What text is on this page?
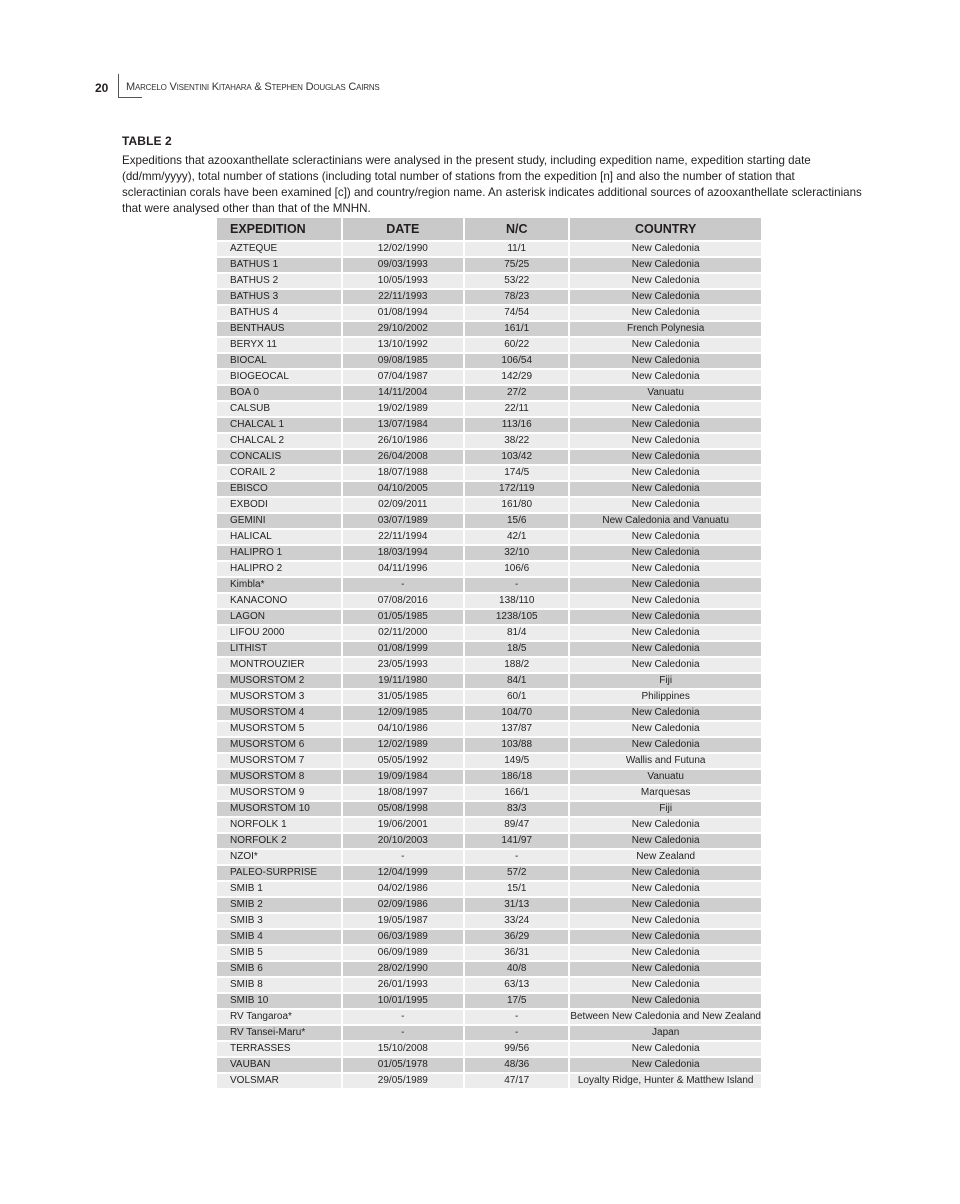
20	Marcelo Visentini Kitahara & Stephen Douglas Cairns
TABLE 2
Expeditions that azooxanthellate scleractinians were analysed in the present study, including expedition name, expedition starting date (dd/mm/yyyy), total number of stations (including total number of stations from the expedition [n] and also the number of station that scleractinian corals have been examined [c]) and country/region name. An asterisk indicates additional sources of azooxanthellate scleractinians that were analysed other than that of the MNHN.
EXPEDITION	DATE	N/C	COUNTRY
AZTEQUE	12/02/1990	11/1	New Caledonia
BATHUS 1	09/03/1993	75/25	New Caledonia
BATHUS 2	10/05/1993	53/22	New Caledonia
BATHUS 3	22/11/1993	78/23	New Caledonia
BATHUS 4	01/08/1994	74/54	New Caledonia
BENTHAUS	29/10/2002	161/1	French Polynesia
BERYX 11	13/10/1992	60/22	New Caledonia
BIOCAL	09/08/1985	106/54	New Caledonia
BIOGEOCAL	07/04/1987	142/29	New Caledonia
BOA 0	14/11/2004	27/2	Vanuatu
CALSUB	19/02/1989	22/11	New Caledonia
CHALCAL 1	13/07/1984	113/16	New Caledonia
CHALCAL 2	26/10/1986	38/22	New Caledonia
CONCALIS	26/04/2008	103/42	New Caledonia
CORAIL 2	18/07/1988	174/5	New Caledonia
EBISCO	04/10/2005	172/119	New Caledonia
EXBODI	02/09/2011	161/80	New Caledonia
GEMINI	03/07/1989	15/6	New Caledonia and Vanuatu
HALICAL	22/11/1994	42/1	New Caledonia
HALIPRO 1	18/03/1994	32/10	New Caledonia
HALIPRO 2	04/11/1996	106/6	New Caledonia
Kimbla*	-	-	New Caledonia
KANACONO	07/08/2016	138/110	New Caledonia
LAGON	01/05/1985	1238/105	New Caledonia
LIFOU 2000	02/11/2000	81/4	New Caledonia
LITHIST	01/08/1999	18/5	New Caledonia
MONTROUZIER	23/05/1993	188/2	New Caledonia
MUSORSTOM 2	19/11/1980	84/1	Fiji
MUSORSTOM 3	31/05/1985	60/1	Philippines
MUSORSTOM 4	12/09/1985	104/70	New Caledonia
MUSORSTOM 5	04/10/1986	137/87	New Caledonia
MUSORSTOM 6	12/02/1989	103/88	New Caledonia
MUSORSTOM 7	05/05/1992	149/5	Wallis and Futuna
MUSORSTOM 8	19/09/1984	186/18	Vanuatu
MUSORSTOM 9	18/08/1997	166/1	Marquesas
MUSORSTOM 10	05/08/1998	83/3	Fiji
NORFOLK 1	19/06/2001	89/47	New Caledonia
NORFOLK 2	20/10/2003	141/97	New Caledonia
NZOI*	-	-	New Zealand
PALEO-SURPRISE	12/04/1999	57/2	New Caledonia
SMIB 1	04/02/1986	15/1	New Caledonia
SMIB 2	02/09/1986	31/13	New Caledonia
SMIB 3	19/05/1987	33/24	New Caledonia
SMIB 4	06/03/1989	36/29	New Caledonia
SMIB 5	06/09/1989	36/31	New Caledonia
SMIB 6	28/02/1990	40/8	New Caledonia
SMIB 8	26/01/1993	63/13	New Caledonia
SMIB 10	10/01/1995	17/5	New Caledonia
RV Tangaroa*	-	-	Between New Caledonia and New Zealand
RV Tansei-Maru*	-	-	Japan
TERRASSES	15/10/2008	99/56	New Caledonia
VAUBAN	01/05/1978	48/36	New Caledonia
VOLSMAR	29/05/1989	47/17	Loyalty Ridge, Hunter & Matthew Island
